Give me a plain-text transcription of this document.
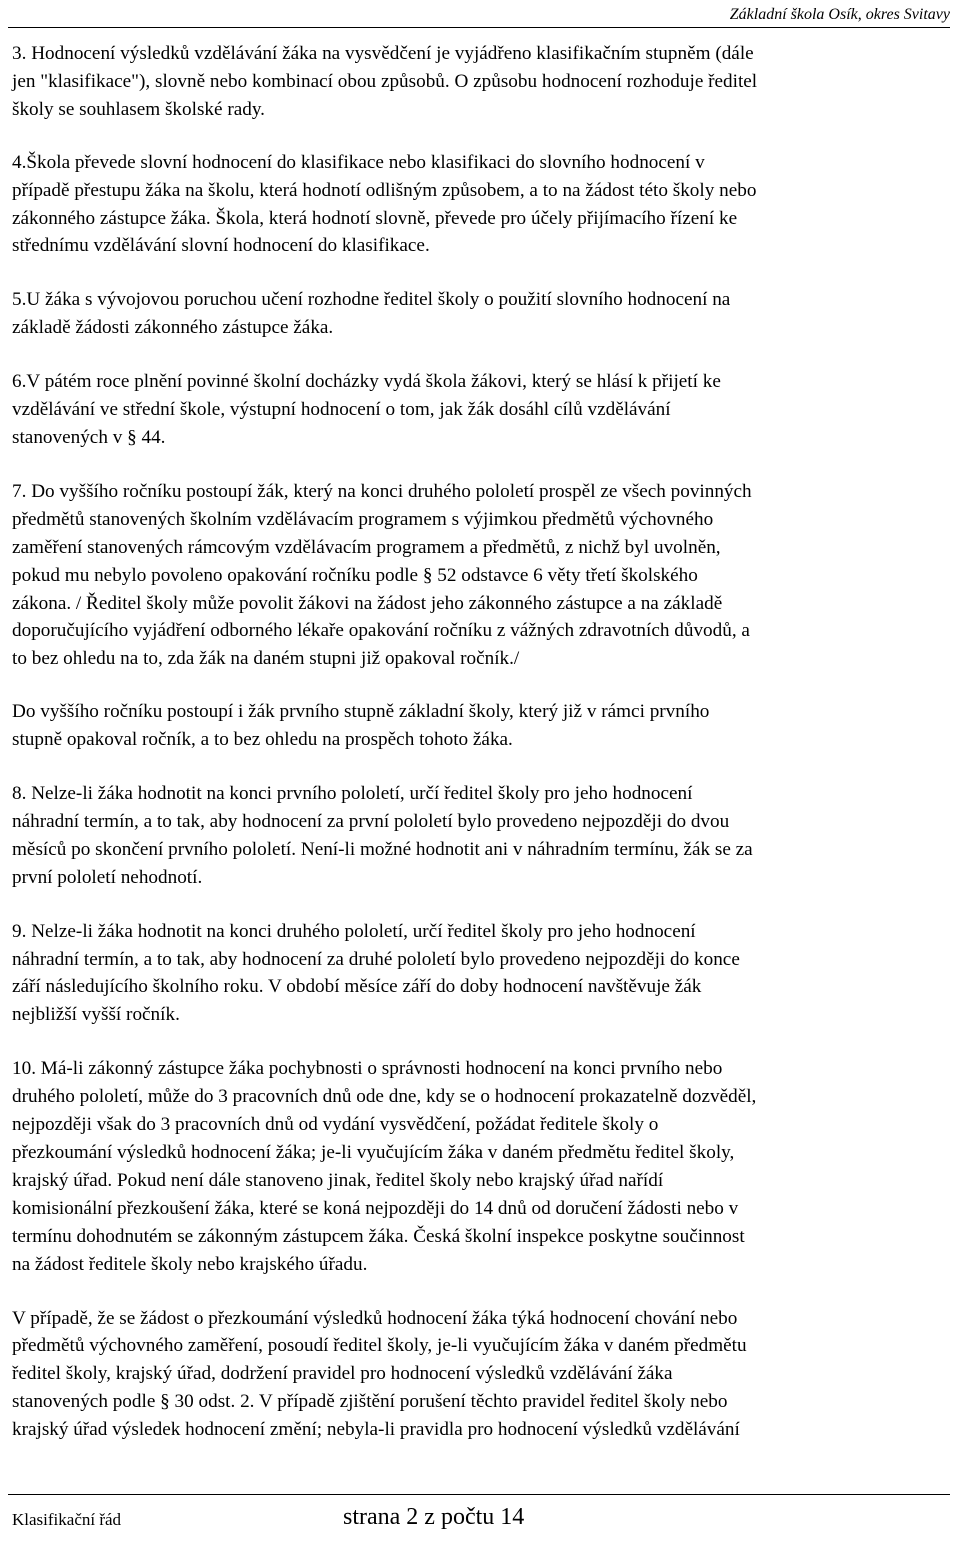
Základní škola Osík, okres Svitavy

3. Hodnocení výsledků vzdělávání žáka na vysvědčení je vyjádřeno klasifikačním stupněm (dále
jen "klasifikace"), slovně nebo kombinací obou způsobů. O způsobu hodnocení rozhoduje ředitel
školy se souhlasem školské rady.

4.Škola převede slovní hodnocení do klasifikace nebo klasifikaci do slovního hodnocení v
případě přestupu žáka na školu, která hodnotí odlišným způsobem, a to na žádost této školy nebo
zákonného zástupce žáka. Škola, která hodnotí slovně, převede pro účely přijímacího řízení ke
střednímu vzdělávání slovní hodnocení do klasifikace.

5.U žáka s vývojovou poruchou učení rozhodne ředitel školy o použití slovního hodnocení na
základě žádosti zákonného zástupce žáka.

6.V pátém roce plnění povinné školní docházky vydá škola žákovi, který se hlásí k přijetí ke
vzdělávání ve střední škole, výstupní hodnocení o tom, jak žák dosáhl cílů vzdělávání
stanovených v § 44.

7. Do vyššího ročníku postoupí žák, který na konci druhého pololetí prospěl ze všech povinných
předmětů stanovených školním vzdělávacím programem s výjimkou předmětů výchovného
zaměření stanovených rámcovým vzdělávacím programem a předmětů, z nichž byl uvolněn,
pokud mu nebylo povoleno opakování ročníku podle § 52 odstavce 6 věty třetí školského
zákona. / Ředitel školy může povolit žákovi na žádost jeho zákonného zástupce a na základě
doporučujícího vyjádření odborného lékaře opakování ročníku z vážných zdravotních důvodů, a
to bez ohledu na to, zda žák na daném stupni již opakoval ročník./

Do vyššího ročníku postoupí i žák prvního stupně základní školy, který již v rámci prvního
stupně opakoval ročník, a to bez ohledu na prospěch tohoto žáka.

8. Nelze-li žáka hodnotit na konci prvního pololetí, určí ředitel školy pro jeho hodnocení
náhradní termín, a to tak, aby hodnocení za první pololetí bylo provedeno nejpozději do dvou
měsíců po skončení prvního pololetí. Není-li možné hodnotit ani v náhradním termínu, žák se za
první pololetí nehodnotí.

9. Nelze-li žáka hodnotit na konci druhého pololetí, určí ředitel školy pro jeho hodnocení
náhradní termín, a to tak, aby hodnocení za druhé pololetí bylo provedeno nejpozději do konce
září následujícího školního roku. V období měsíce září do doby hodnocení navštěvuje žák
nejbližší vyšší ročník.

10. Má-li zákonný zástupce žáka pochybnosti o správnosti hodnocení na konci prvního nebo
druhého pololetí, může do 3 pracovních dnů ode dne, kdy se o hodnocení prokazatelně dozvěděl,
nejpozději však do 3 pracovních dnů od vydání vysvědčení, požádat ředitele školy o
přezkoumání výsledků hodnocení žáka; je-li vyučujícím žáka v daném předmětu ředitel školy,
krajský úřad. Pokud není dále stanoveno jinak, ředitel školy nebo krajský úřad nařídí
komisionální přezkoušení žáka, které se koná nejpozději do 14 dnů od doručení žádosti nebo v
termínu dohodnutém se zákonným zástupcem žáka. Česká školní inspekce poskytne součinnost
na žádost ředitele školy nebo krajského úřadu.

V případě, že se žádost o přezkoumání výsledků hodnocení žáka týká hodnocení chování nebo
předmětů výchovného zaměření, posoudí ředitel školy, je-li vyučujícím žáka v daném předmětu
ředitel školy, krajský úřad, dodržení pravidel pro hodnocení výsledků vzdělávání žáka
stanovených podle § 30 odst. 2. V případě zjištění porušení těchto pravidel ředitel školy nebo
krajský úřad výsledek hodnocení změní; nebyla-li pravidla pro hodnocení výsledků vzdělávání

Klasifikační řád	strana 2 z počtu 14
